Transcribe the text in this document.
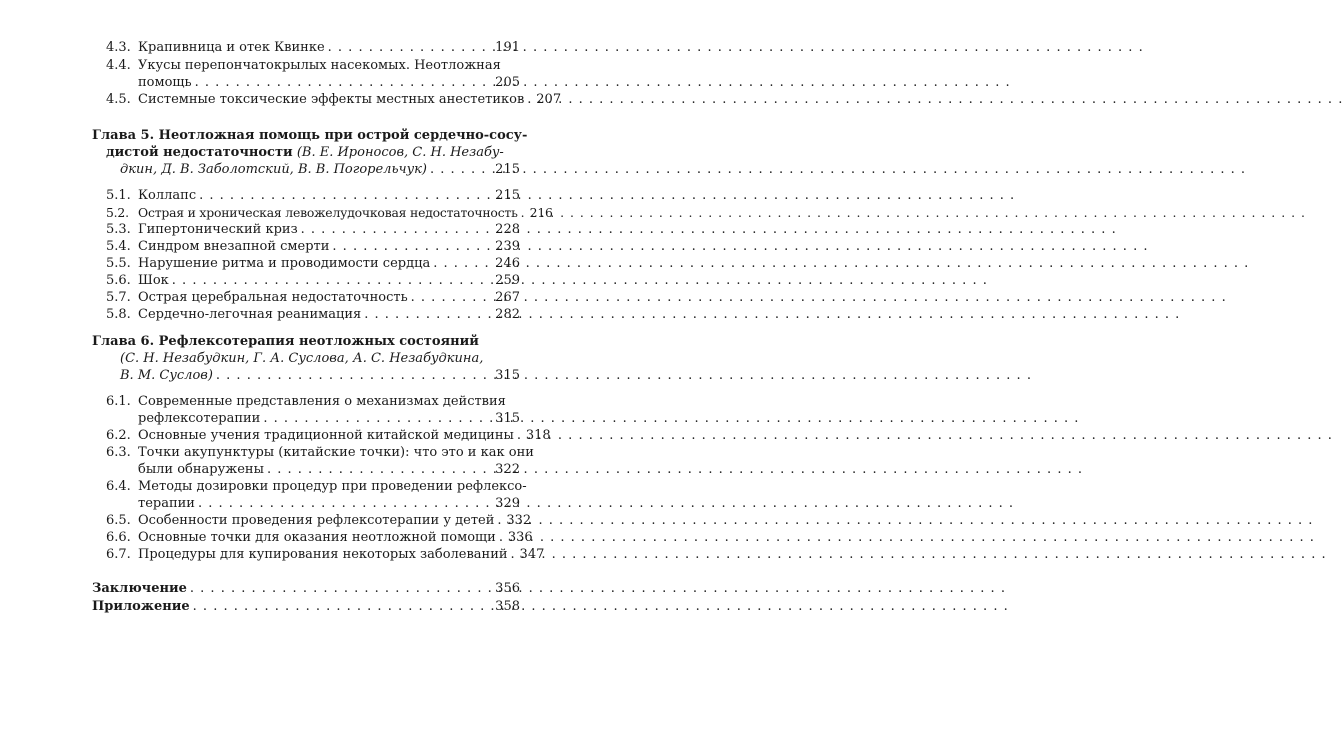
4.3. Крапивница и отек Квинке . . .	191
4.4. Укусы перепончатокрылых насекомых. Неотложная
помощь . . .	205
4.5. Системные токсические эффекты местных анестетиков . . . 207
Глава 5. Неотложная помощь при острой сердечно-сосу-
дистой недостаточности (В. Е. Ироносов, С. Н. Незабу-
дкин, Д. В. Заболотский, В. В. Погорельчук) . . .	215
5.1. Коллапс . . .	215
5.2. Острая и хроническая левожелудочковая недостаточность . . . 216
5.3. Гипертонический криз . . .	228
5.4. Синдром внезапной смерти . . .	239
5.5. Нарушение ритма и проводимости сердца . . .	246
5.6. Шок . . .	259
5.7. Острая церебральная недостаточность . . .	267
5.8. Сердечно-легочная реанимация . . .	282
Глава 6. Рефлексотерапия неотложных состояний
(С. Н. Незабудкин, Г. А. Суслова, А. С. Незабудкина,
В. М. Суслов) . . .	315
6.1. Современные представления о механизмах действия
рефлексотерапии . . .	315
6.2. Основные учения традиционной китайской медицины . . . 318
6.3. Точки акупунктуры (китайские точки): что это и как они
были обнаружены . . .	322
6.4. Методы дозировки процедур при проведении рефлексо-
терапии . . .	329
6.5. Особенности проведения рефлексотерапии у детей . . . 332
6.6. Основные точки для оказания неотложной помощи . . . 336
6.7. Процедуры для купирования некоторых заболеваний . . . 347
Заключение . . .	356
Приложение . . .	358
